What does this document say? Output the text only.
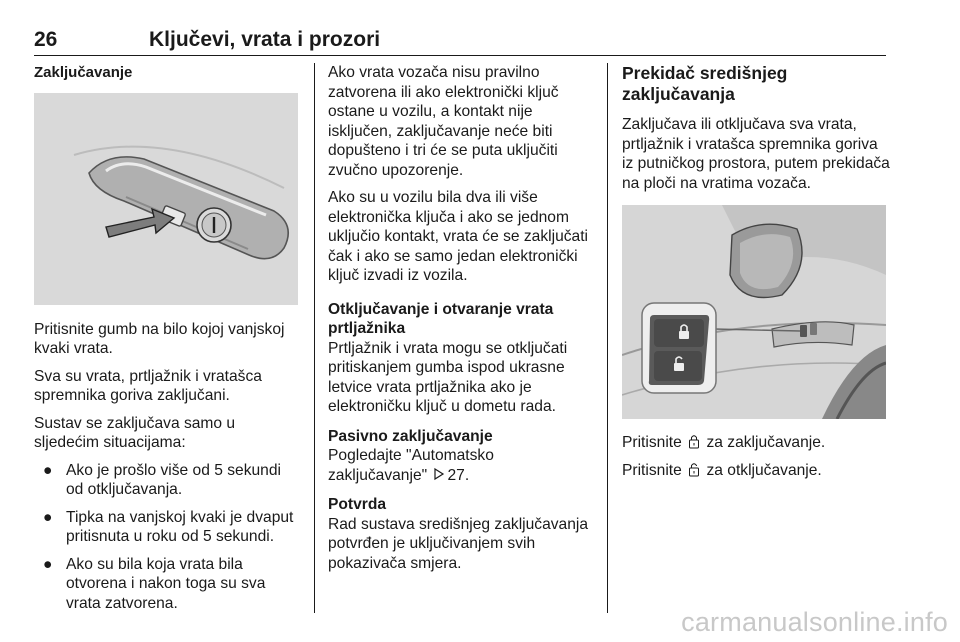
26	Ključevi, vrata i prozori
Zaključavanje

Pritisnite gumb na bilo kojoj vanjskoj kvaki vrata.

Sva su vrata, prtljažnik i vratašca spremnika goriva zaključani.

Sustav se zaključava samo u sljedećim situacijama:

● Ako je prošlo više od 5 sekundi od otključavanja.
● Tipka na vanjskoj kvaki je dvaput pritisnuta u roku od 5 sekundi.
● Ako su bila koja vrata bila otvorena i nakon toga su sva vrata zatvorena.

Ako vrata vozača nisu pravilno zatvorena ili ako elektronički ključ ostane u vozilu, a kontakt nije isključen, zaključavanje neće biti dopušteno i tri će se puta uključiti zvučno upozorenje.

Ako su u vozilu bila dva ili više elektronička ključa i ako se jednom uključio kontakt, vrata će se zaključati čak i ako se samo jedan elektronički ključ izvadi iz vozila.

Otključavanje i otvaranje vrata prtljažnika
Prtljažnik i vrata mogu se otključati pritiskanjem gumba ispod ukrasne letvice vrata prtljažnika ako je elektroničku ključ u dometu rada.
Pasivno zaključavanje
Pogledajte "Automatsko zaključavanje" 27.
Potvrda
Rad sustava središnjeg zaključavanja potvrđen je uključivanjem svih pokazivača smjera.
Prekidač središnjeg zaključavanja

Zaključava ili otključava sva vrata, prtljažnik i vratašca spremnika goriva iz putničkog prostora, putem prekidača na ploči na vratima vozača.

Pritisnite  za zaključavanje.

Pritisnite  za otključavanje.

carmanualsonline.info
